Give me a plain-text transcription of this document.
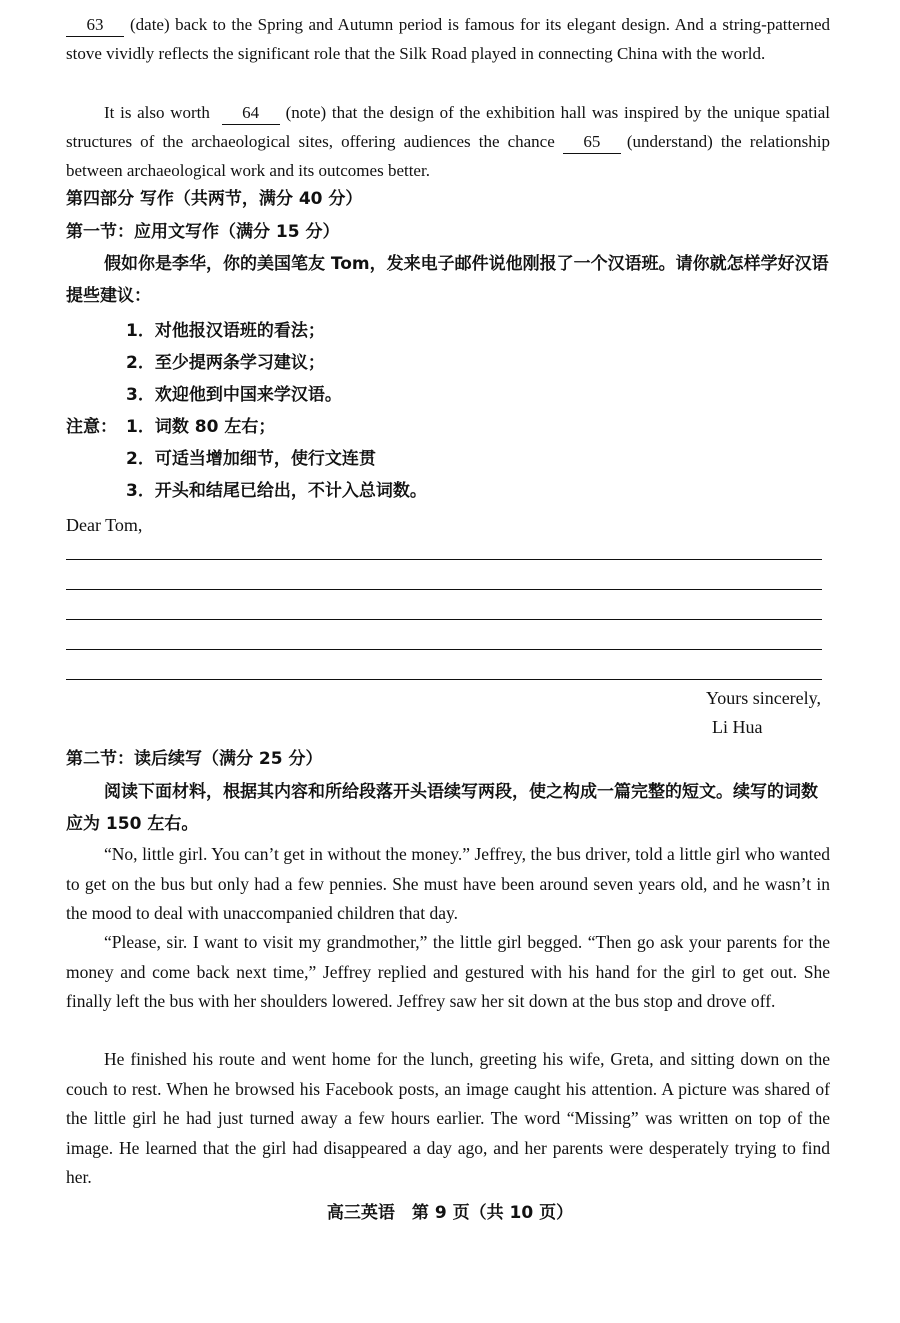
63 (date) back to the Spring and Autumn period is famous for its elegant design. And a string-patterned stove vividly reflects the significant role that the Silk Road played in connecting China with the world.
It is also worth 64 (note) that the design of the exhibition hall was inspired by the unique spatial structures of the archaeological sites, offering audiences the chance 65 (understand) the relationship between archaeological work and its outcomes better.
第四部分 写作（共两节，满分 40 分）
第一节：应用文写作（满分 15 分）
假如你是李华，你的美国笔友 Tom，发来电子邮件说他刚报了一个汉语班。请你就怎样学好汉语提些建议：
1．对他报汉语班的看法；
2．至少提两条学习建议；
3．欢迎他到中国来学汉语。
注意： 1．词数 80 左右；
2．可适当增加细节，使行文连贯
3．开头和结尾已给出，不计入总词数。
Dear Tom,
Yours sincerely,
Li Hua
第二节：读后续写（满分 25 分）
阅读下面材料，根据其内容和所给段落开头语续写两段，使之构成一篇完整的短文。续写的词数应为 150 左右。
“No, little girl. You can’t get in without the money.” Jeffrey, the bus driver, told a little girl who wanted to get on the bus but only had a few pennies. She must have been around seven years old, and he wasn’t in the mood to deal with unaccompanied children that day.
“Please, sir. I want to visit my grandmother,” the little girl begged. “Then go ask your parents for the money and come back next time,” Jeffrey replied and gestured with his hand for the girl to get out. She finally left the bus with her shoulders lowered. Jeffrey saw her sit down at the bus stop and drove off.
He finished his route and went home for the lunch, greeting his wife, Greta, and sitting down on the couch to rest. When he browsed his Facebook posts, an image caught his attention. A picture was shared of the little girl he had just turned away a few hours earlier. The word “Missing” was written on top of the image. He learned that the girl had disappeared a day ago, and her parents were desperately trying to find her.
高三英语　第 9 页（共 10 页）
